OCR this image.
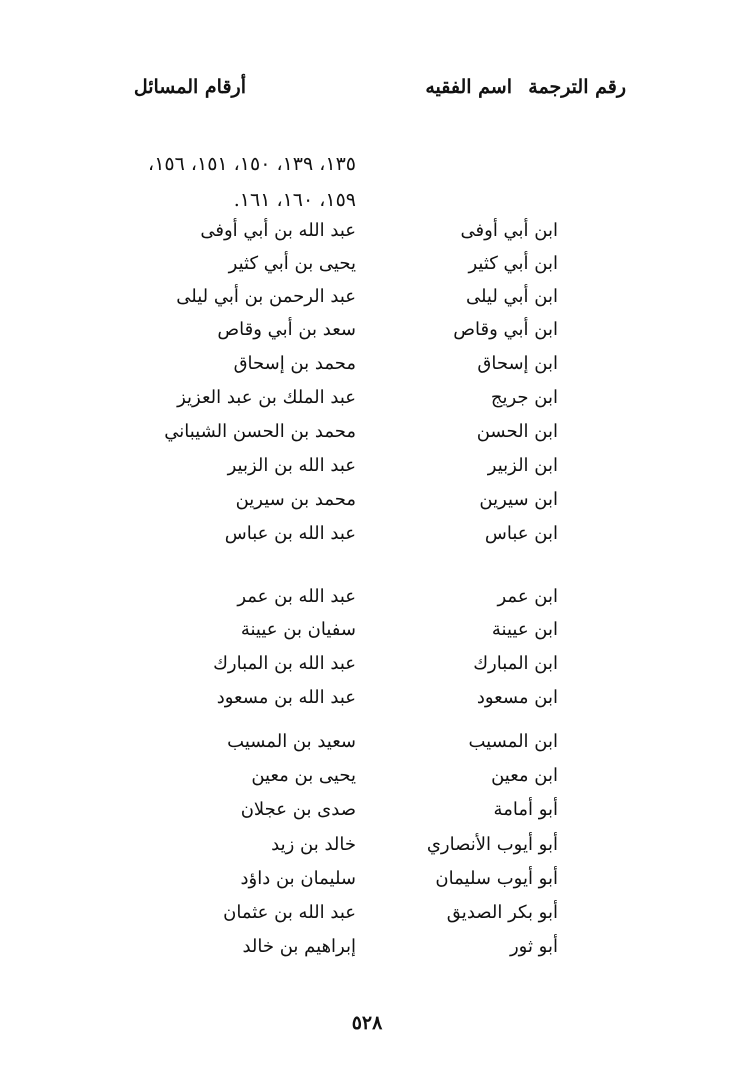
رقم الترجمة
اسم الفقيه
أرقام المسائل
١٣٥، ١٣٩، ١٥٠، ١٥١، ١٥٦،
١٥٩، ١٦٠، ١٦١.
ابن أبي أوفى
عبد الله بن أبي أوفى
ابن أبي كثير
يحيى بن أبي كثير
ابن أبي ليلى
عبد الرحمن بن أبي ليلى
ابن أبي وقاص
سعد بن أبي وقاص
ابن إسحاق
محمد بن إسحاق
ابن جريج
عبد الملك بن عبد العزيز
ابن الحسن
محمد بن الحسن الشيباني
ابن الزبير
عبد الله بن الزبير
ابن سيرين
محمد بن سيرين
ابن عباس
عبد الله بن عباس
ابن عمر
عبد الله بن عمر
ابن عيينة
سفيان بن عيينة
ابن المبارك
عبد الله بن المبارك
ابن مسعود
عبد الله بن مسعود
ابن المسيب
سعيد بن المسيب
ابن معين
يحيى بن معين
أبو أمامة
صدى بن عجلان
أبو أيوب الأنصاري
خالد بن زيد
أبو أيوب سليمان
سليمان بن داؤد
أبو بكر الصديق
عبد الله بن عثمان
أبو ثور
إبراهيم بن خالد
٥٢٨
